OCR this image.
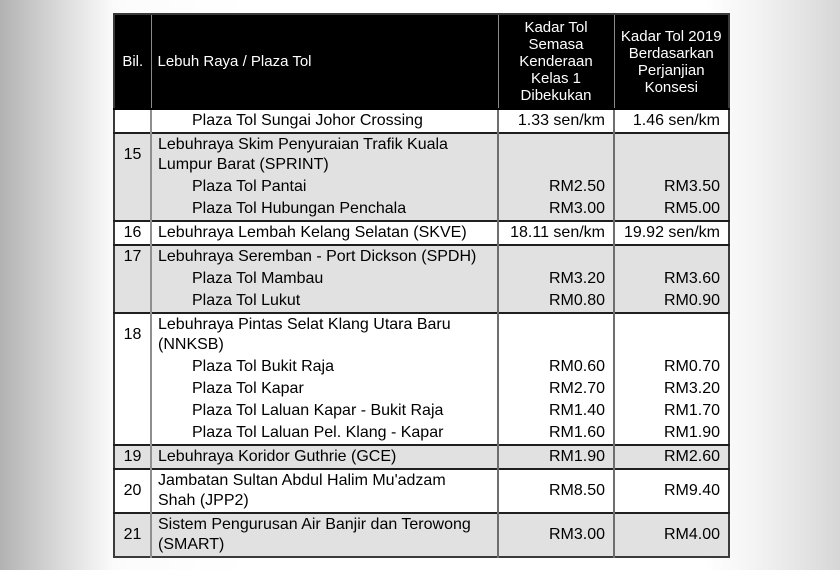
Bil.	Lebuh Raya / Plaza Tol	Kadar Tol Semasa Kenderaan Kelas 1 Dibekukan	Kadar Tol 2019 Berdasarkan Perjanjian Konsesi
	Plaza Tol Sungai Johor Crossing	1.33 sen/km	1.46 sen/km
15	Lebuhraya Skim Penyuraian Trafik Kuala Lumpur Barat (SPRINT)		
	Plaza Tol Pantai	RM2.50	RM3.50
	Plaza Tol Hubungan Penchala	RM3.00	RM5.00
16	Lebuhraya Lembah Kelang Selatan (SKVE)	18.11 sen/km	19.92 sen/km
17	Lebuhraya Seremban - Port Dickson (SPDH)		
	Plaza Tol Mambau	RM3.20	RM3.60
	Plaza Tol Lukut	RM0.80	RM0.90
18	Lebuhraya Pintas Selat Klang Utara Baru (NNKSB)		
	Plaza Tol Bukit Raja	RM0.60	RM0.70
	Plaza Tol Kapar	RM2.70	RM3.20
	Plaza Tol Laluan Kapar - Bukit Raja	RM1.40	RM1.70
	Plaza Tol Laluan Pel. Klang - Kapar	RM1.60	RM1.90
19	Lebuhraya Koridor Guthrie (GCE)	RM1.90	RM2.60
20	Jambatan Sultan Abdul Halim Mu'adzam Shah (JPP2)	RM8.50	RM9.40
21	Sistem Pengurusan Air Banjir dan Terowong (SMART)	RM3.00	RM4.00
